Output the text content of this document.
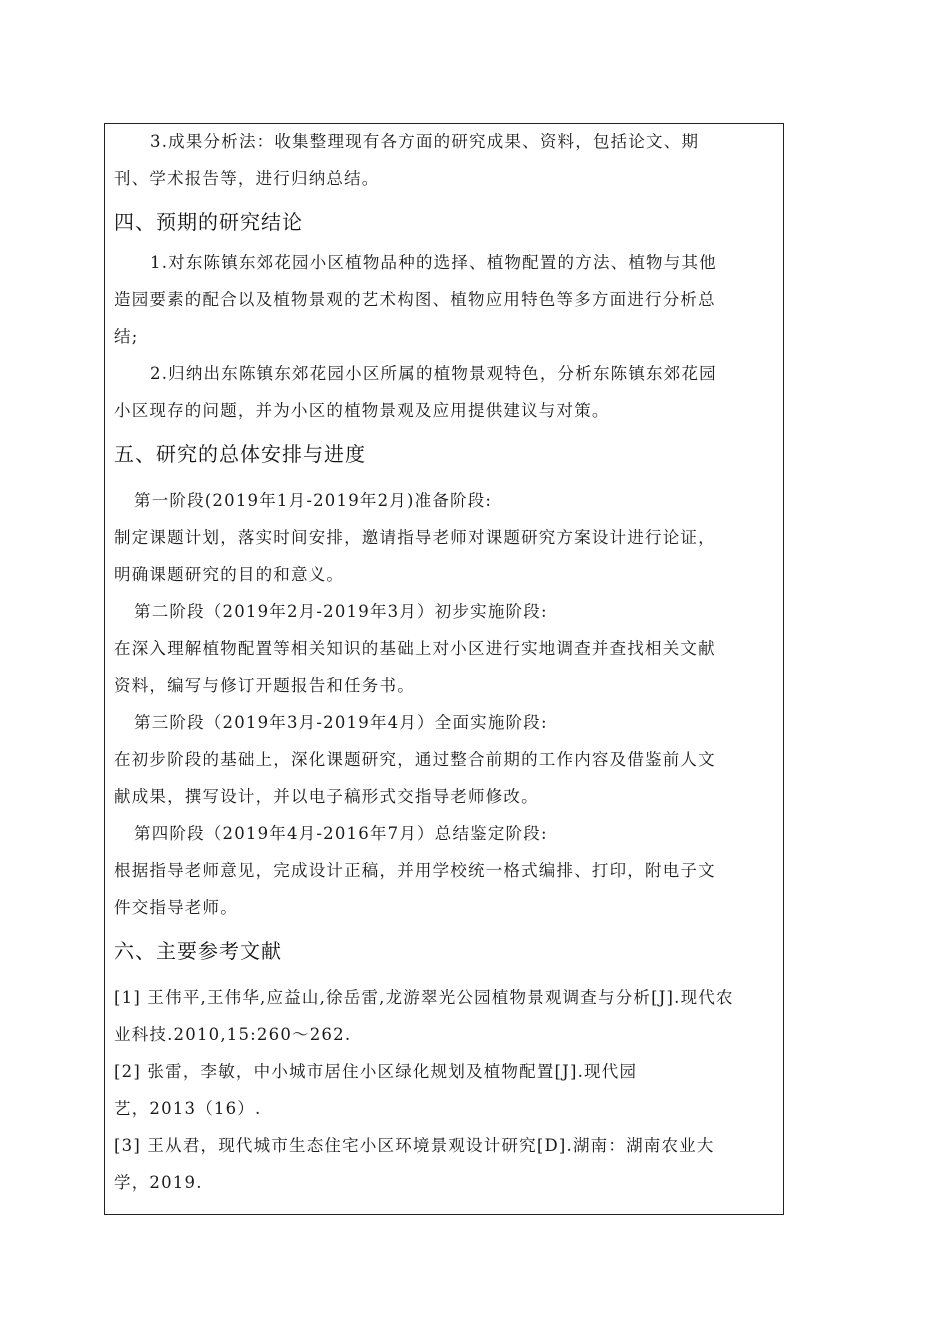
3.成果分析法：收集整理现有各方面的研究成果、资料，包括论文、期

刊、学术报告等，进行归纳总结。

四、预期的研究结论

1.对东陈镇东郊花园小区植物品种的选择、植物配置的方法、植物与其他

造园要素的配合以及植物景观的艺术构图、植物应用特色等多方面进行分析总

结;

2.归纳出东陈镇东郊花园小区所属的植物景观特色，分析东陈镇东郊花园

小区现存的问题，并为小区的植物景观及应用提供建议与对策。

五、研究的总体安排与进度

第一阶段(2019年1月-2019年2月)准备阶段:

制定课题计划，落实时间安排，邀请指导老师对课题研究方案设计进行论证，

明确课题研究的目的和意义。

第二阶段（2019年2月-2019年3月）初步实施阶段:

在深入理解植物配置等相关知识的基础上对小区进行实地调查并查找相关文献

资料，编写与修订开题报告和任务书。

第三阶段（2019年3月-2019年4月）全面实施阶段:

在初步阶段的基础上，深化课题研究，通过整合前期的工作内容及借鉴前人文

献成果，撰写设计，并以电子稿形式交指导老师修改。

第四阶段（2019年4月-2016年7月）总结鉴定阶段:

根据指导老师意见，完成设计正稿，并用学校统一格式编排、打印，附电子文

件交指导老师。

六、主要参考文献

[1] 王伟平,王伟华,应益山,徐岳雷,龙游翠光公园植物景观调查与分析[J].现代农

业科技.2010,15:260～262.

[2] 张雷，李敏，中小城市居住小区绿化规划及植物配置[J].现代园

艺，2013（16）.

[3] 王从君，现代城市生态住宅小区环境景观设计研究[D].湖南：湖南农业大

学，2019.
